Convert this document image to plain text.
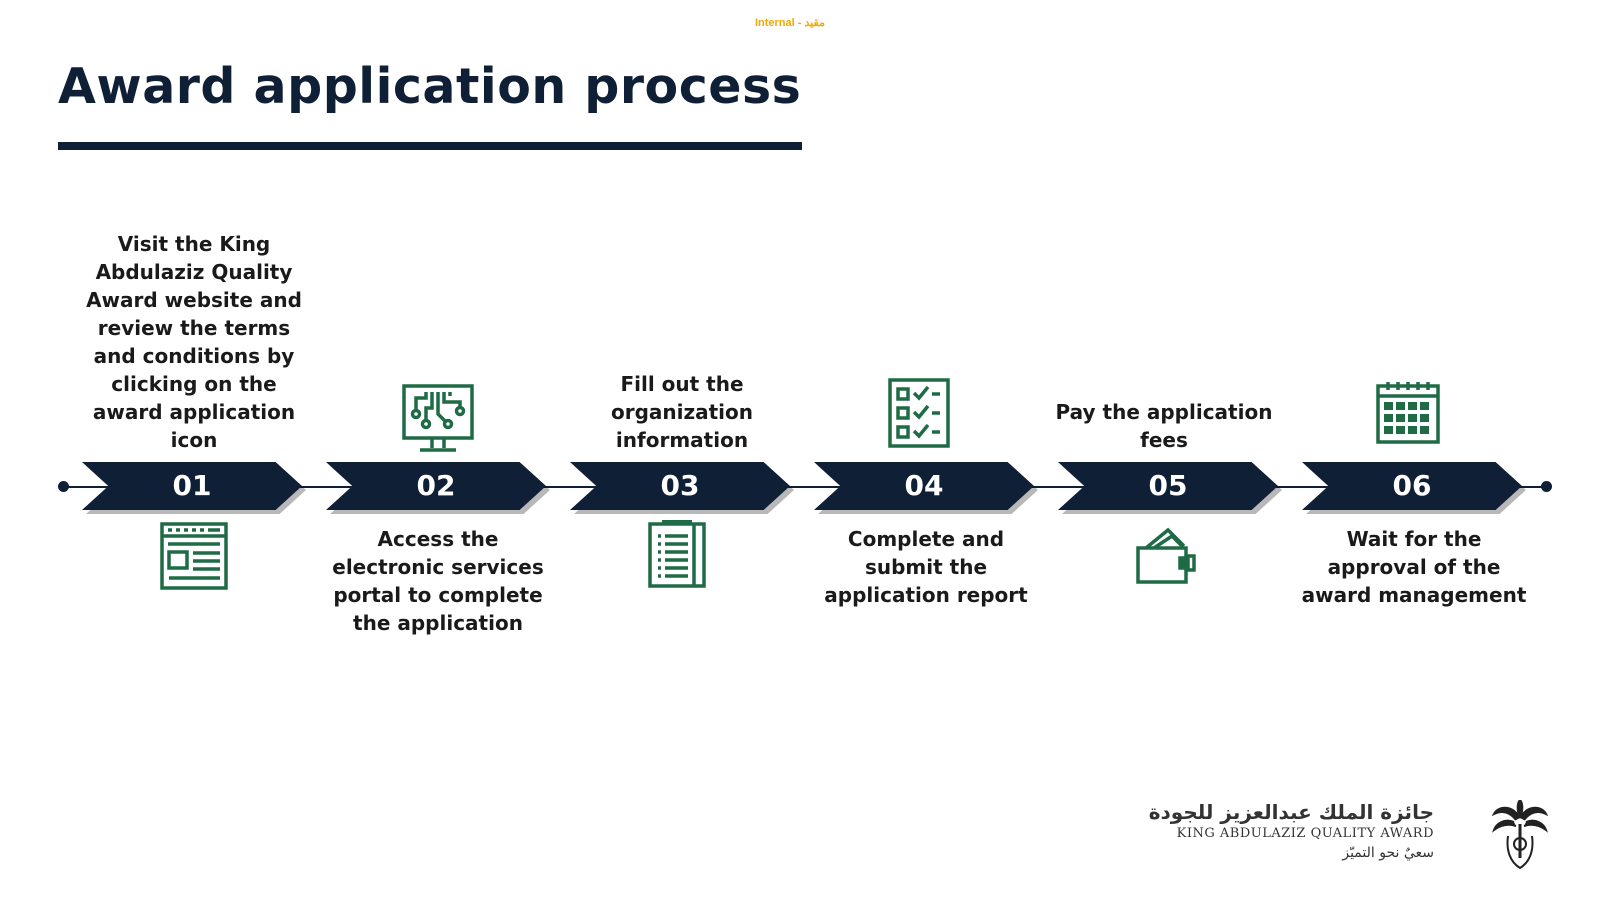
Internal - مقيد
Award application process
01	02	03	04	05	06
Visit the King Abdulaziz Quality Award website and review the terms and conditions by clicking on the award application icon
Access the electronic services portal to complete the application
Fill out the organization information
Complete and submit the application report
Pay the application fees
Wait for the approval of the award management
جائزة الملك عبدالعزيز للجودة
KING ABDULAZIZ QUALITY AWARD
سعيٌ نحو التميّز
